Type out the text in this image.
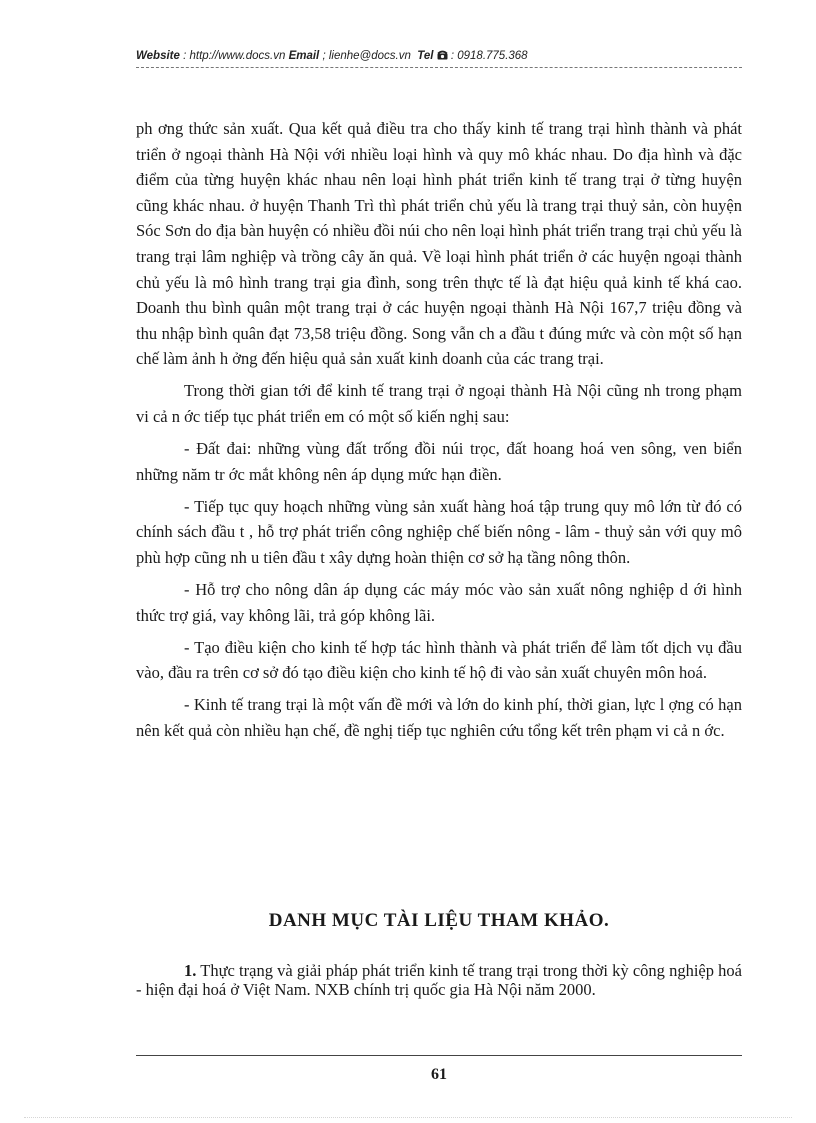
Website : http://www.docs.vn Email ; lienhe@docs.vn Tel : 0918.775.368

ph ơng thức sản xuất. Qua kết quả điều tra cho thấy kinh tế trang trại hình thành và phát triển ở ngoại thành Hà Nội với nhiều loại hình và quy mô khác nhau. Do địa hình và đặc điểm của từng huyện khác nhau nên loại hình phát triển kinh tế trang trại ở từng huyện cũng khác nhau. ở huyện Thanh Trì thì phát triển chủ yếu là trang trại thuỷ sản, còn huyện Sóc Sơn do địa bàn huyện có nhiều đồi núi cho nên loại hình phát triển trang trại chủ yếu là trang trại lâm nghiệp và trồng cây ăn quả. Về loại hình phát triển ở các huyện ngoại thành chủ yếu là mô hình trang trại gia đình, song trên thực tế là đạt hiệu quả kinh tế khá cao. Doanh thu bình quân một trang trại ở các huyện ngoại thành Hà Nội 167,7 triệu đồng và thu nhập bình quân đạt 73,58 triệu đồng. Song vẫn ch a đầu t đúng mức và còn một số hạn chế làm ảnh h ởng đến hiệu quả sản xuất kinh doanh của các trang trại.

Trong thời gian tới để kinh tế trang trại ở ngoại thành Hà Nội cũng nh trong phạm vi cả n ớc tiếp tục phát triển em có một số kiến nghị sau:

- Đất đai: những vùng đất trống đồi núi trọc, đất hoang hoá ven sông, ven biển những năm tr ớc mắt không nên áp dụng mức hạn điền.

- Tiếp tục quy hoạch những vùng sản xuất hàng hoá tập trung quy mô lớn từ đó có chính sách đầu t , hỗ trợ phát triển công nghiệp chế biến nông - lâm - thuỷ sản với quy mô phù hợp cũng nh u tiên đầu t xây dựng hoàn thiện cơ sở hạ tầng nông thôn.

- Hỗ trợ cho nông dân áp dụng các máy móc vào sản xuất nông nghiệp d ới hình thức trợ giá, vay không lãi, trả góp không lãi.

- Tạo điều kiện cho kinh tế hợp tác hình thành và phát triển để làm tốt dịch vụ đầu vào, đầu ra trên cơ sở đó tạo điều kiện cho kinh tế hộ đi vào sản xuất chuyên môn hoá.

- Kinh tế trang trại là một vấn đề mới và lớn do kinh phí, thời gian, lực l ợng có hạn nên kết quả còn nhiều hạn chế, đề nghị tiếp tục nghiên cứu tổng kết trên phạm vi cả n ớc.

DANH MỤC TÀI LIỆU THAM KHẢO.
1. Thực trạng và giải pháp phát triển kinh tế trang trại trong thời kỳ công nghiệp hoá - hiện đại hoá ở Việt Nam. NXB chính trị quốc gia Hà Nội năm 2000.
61
